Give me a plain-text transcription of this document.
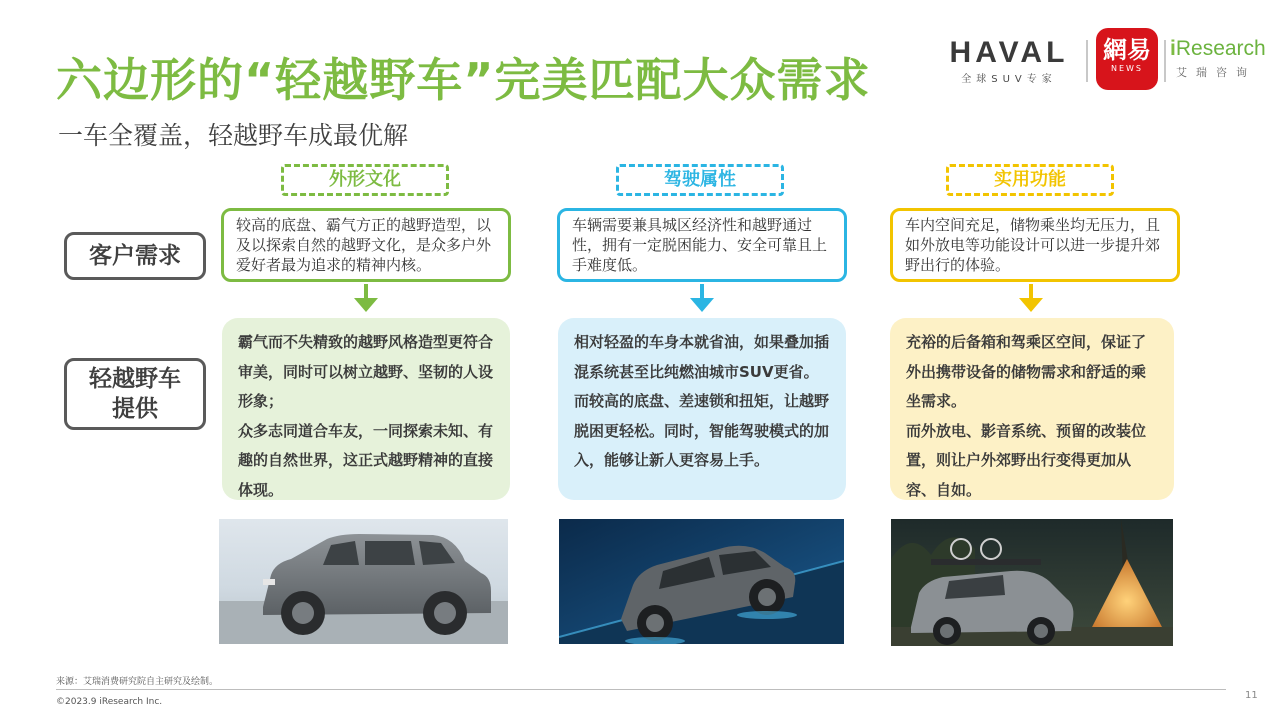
六边形的“轻越野车”完美匹配大众需求
一车全覆盖，轻越野车成最优解
HAVAL
全球SUV专家
網易
NEWS
iResearch
艾瑞咨询
客户需求
轻越野车
提供
外形文化
较高的底盘、霸气方正的越野造型，以及以探索自然的越野文化，是众多户外爱好者最为追求的精神内核。
霸气而不失精致的越野风格造型更符合审美，同时可以树立越野、坚韧的人设形象；
众多志同道合车友，一同探索未知、有趣的自然世界，这正式越野精神的直接体现。
驾驶属性
车辆需要兼具城区经济性和越野通过性，拥有一定脱困能力、安全可靠且上手难度低。
相对轻盈的车身本就省油，如果叠加插混系统甚至比纯燃油城市SUV更省。而较高的底盘、差速锁和扭矩，让越野脱困更轻松。同时，智能驾驶模式的加入，能够让新人更容易上手。
实用功能
车内空间充足，储物乘坐均无压力，且如外放电等功能设计可以进一步提升郊野出行的体验。
充裕的后备箱和驾乘区空间，保证了外出携带设备的储物需求和舒适的乘坐需求。
而外放电、影音系统、预留的改装位置，则让户外郊野出行变得更加从容、自如。
来源：艾瑞消费研究院自主研究及绘制。
©2023.9 iResearch Inc.
11
